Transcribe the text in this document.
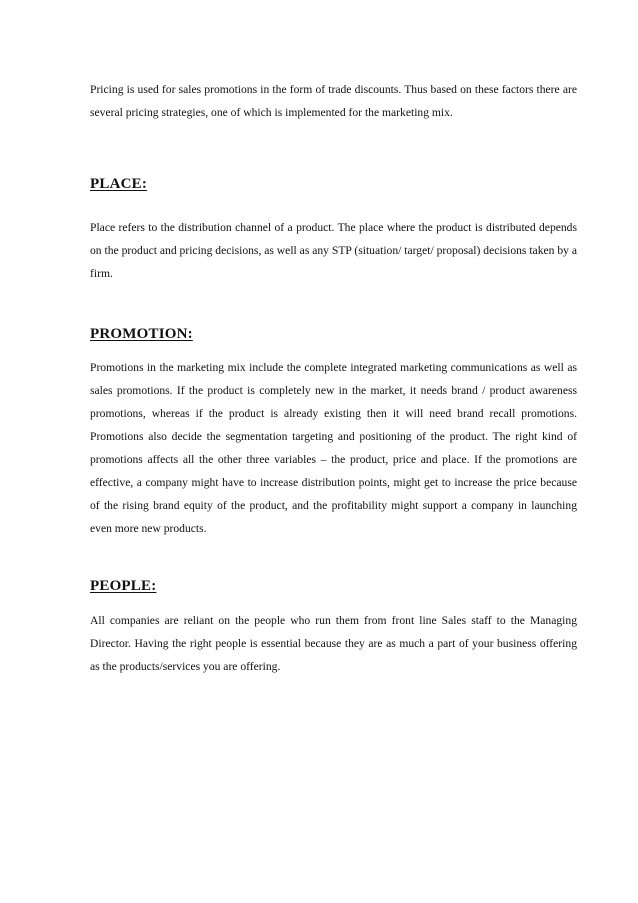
Pricing is used for sales promotions in the form of trade discounts. Thus based on these factors there are several pricing strategies, one of which is implemented for the marketing mix.

PLACE:

Place refers to the distribution channel of a product. The place where the product is distributed depends on the product and pricing decisions, as well as any STP (situation/ target/ proposal) decisions taken by a firm.

PROMOTION:

Promotions in the marketing mix include the complete integrated marketing communications as well as sales promotions. If the product is completely new in the market, it needs brand / product awareness promotions, whereas if the product is already existing then it will need brand recall promotions. Promotions also decide the segmentation targeting and positioning of the product. The right kind of promotions affects all the other three variables – the product, price and place. If the promotions are effective, a company might have to increase distribution points, might get to increase the price because of the rising brand equity of the product, and the profitability might support a company in launching even more new products.

PEOPLE:

All companies are reliant on the people who run them from front line Sales staff to the Managing Director. Having the right people is essential because they are as much a part of your business offering as the products/services you are offering.
